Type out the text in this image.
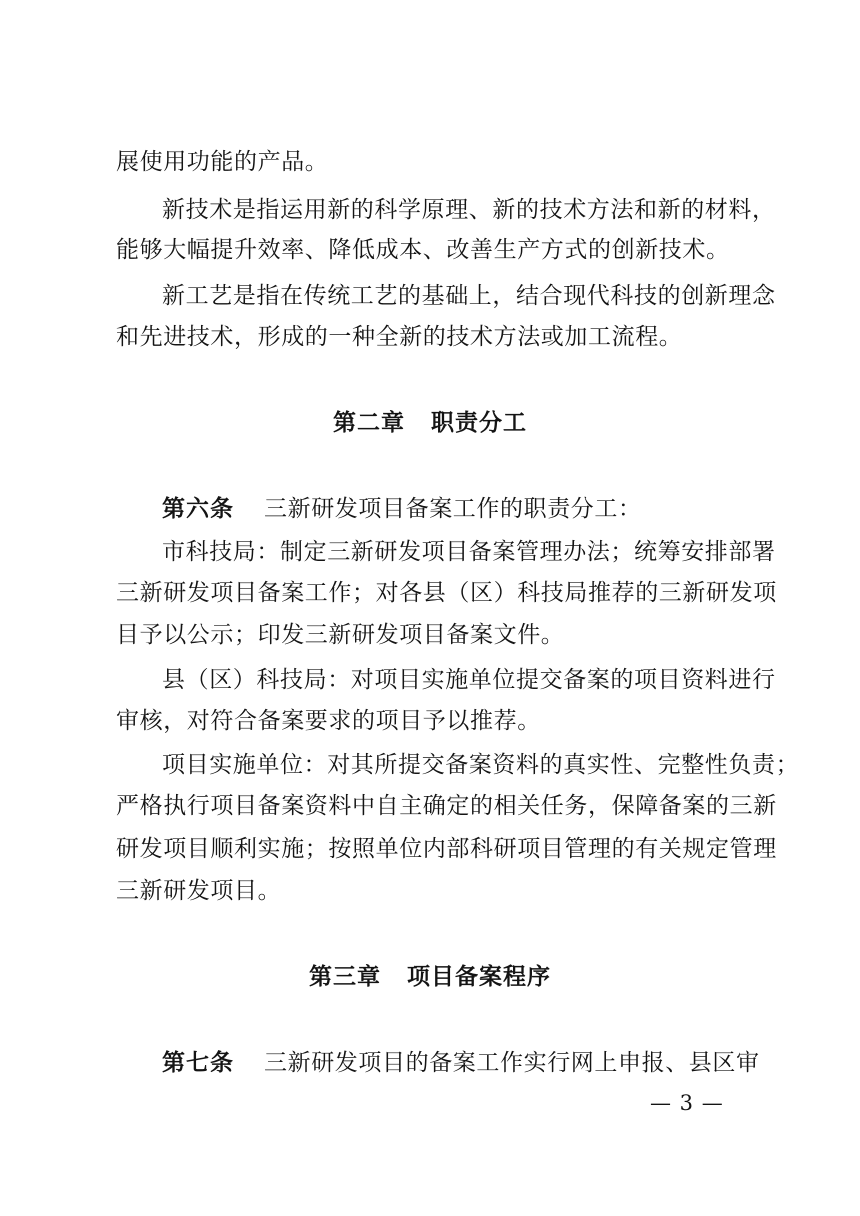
展使用功能的产品。
新技术是指运用新的科学原理、新的技术方法和新的材料，
能够大幅提升效率、降低成本、改善生产方式的创新技术。
新工艺是指在传统工艺的基础上，结合现代科技的创新理念
和先进技术，形成的一种全新的技术方法或加工流程。
第二章 职责分工
第六条 三新研发项目备案工作的职责分工：
市科技局：制定三新研发项目备案管理办法；统筹安排部署
三新研发项目备案工作；对各县（区）科技局推荐的三新研发项
目予以公示；印发三新研发项目备案文件。
县（区）科技局：对项目实施单位提交备案的项目资料进行
审核，对符合备案要求的项目予以推荐。
项目实施单位：对其所提交备案资料的真实性、完整性负责；
严格执行项目备案资料中自主确定的相关任务，保障备案的三新
研发项目顺利实施；按照单位内部科研项目管理的有关规定管理
三新研发项目。
第三章 项目备案程序
第七条 三新研发项目的备案工作实行网上申报、县区审
— 3 —
